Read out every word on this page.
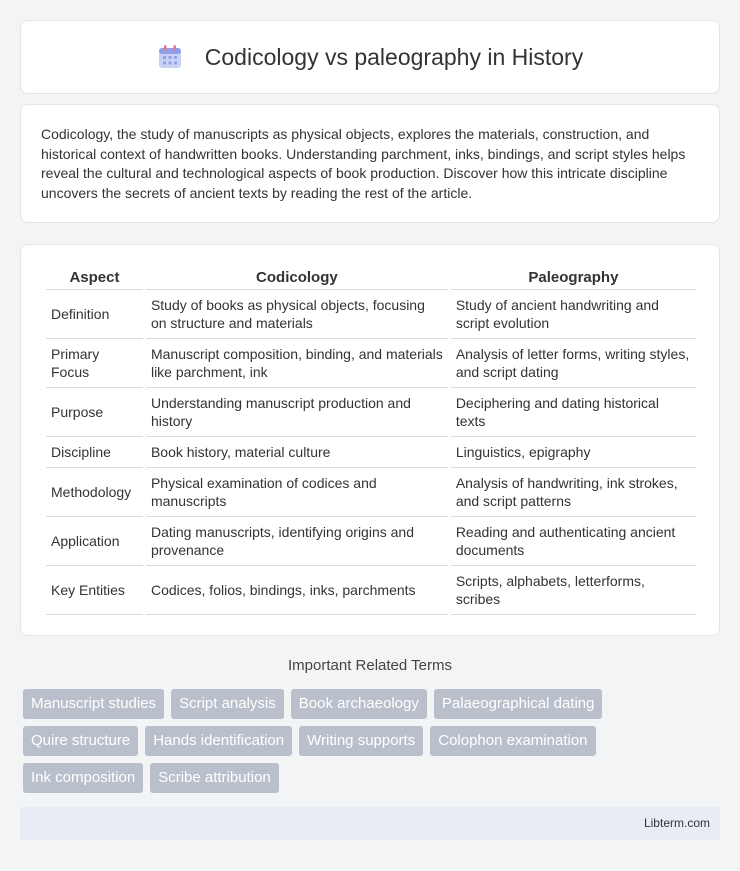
Codicology vs paleography in History

Codicology, the study of manuscripts as physical objects, explores the materials, construction, and historical context of handwritten books. Understanding parchment, inks, bindings, and script styles helps reveal the cultural and technological aspects of book production. Discover how this intricate discipline uncovers the secrets of ancient texts by reading the rest of the article.

Aspect	Codicology	Paleography
Definition	Study of books as physical objects, focusing on structure and materials	Study of ancient handwriting and script evolution
Primary Focus	Manuscript composition, binding, and materials like parchment, ink	Analysis of letter forms, writing styles, and script dating
Purpose	Understanding manuscript production and history	Deciphering and dating historical texts
Discipline	Book history, material culture	Linguistics, epigraphy
Methodology	Physical examination of codices and manuscripts	Analysis of handwriting, ink strokes, and script patterns
Application	Dating manuscripts, identifying origins and provenance	Reading and authenticating ancient documents
Key Entities	Codices, folios, bindings, inks, parchments	Scripts, alphabets, letterforms, scribes
Important Related Terms
Manuscript studies	Script analysis	Book archaeology	Palaeographical dating
Quire structure	Hands identification	Writing supports	Colophon examination
Ink composition	Scribe attribution
Libterm.com
